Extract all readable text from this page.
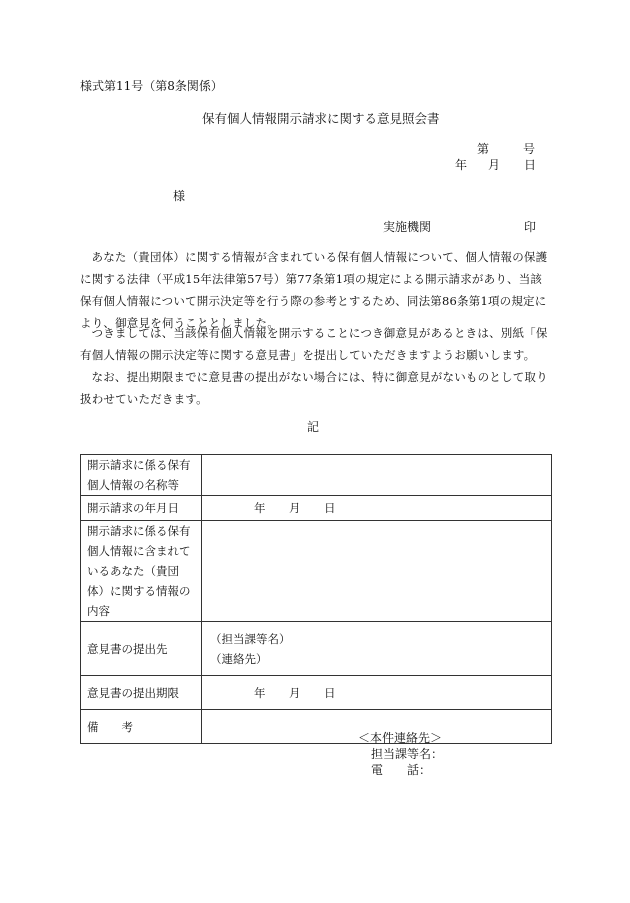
様式第11号（第8条関係）
保有個人情報開示請求に関する意見照会書
第	号
年 月 日
様
実施機関	印

あなた（貴団体）に関する情報が含まれている保有個人情報について、個人情報の保護に関する法律（平成15年法律第57号）第77条第1項の規定による開示請求があり、当該保有個人情報について開示決定等を行う際の参考とするため、同法第86条第1項の規定により、御意見を伺うこととしました。

つきましては、当該保有個人情報を開示することにつき御意見があるときは、別紙「保有個人情報の開示決定等に関する意見書」を提出していただきますようお願いします。

なお、提出期限までに意見書の提出がない場合には、特に御意見がないものとして取り扱わせていただきます。

記
開示請求に係る保有個人情報の名称等	
開示請求の年月日	年 月 日
開示請求に係る保有個人情報に含まれているあなた（貴団体）に関する情報の内容	
意見書の提出先	（担当課等名）
（連絡先）

意見書の提出期限	年 月 日
備　　考	
＜本件連絡先＞
担当課等名：
電　　話：
